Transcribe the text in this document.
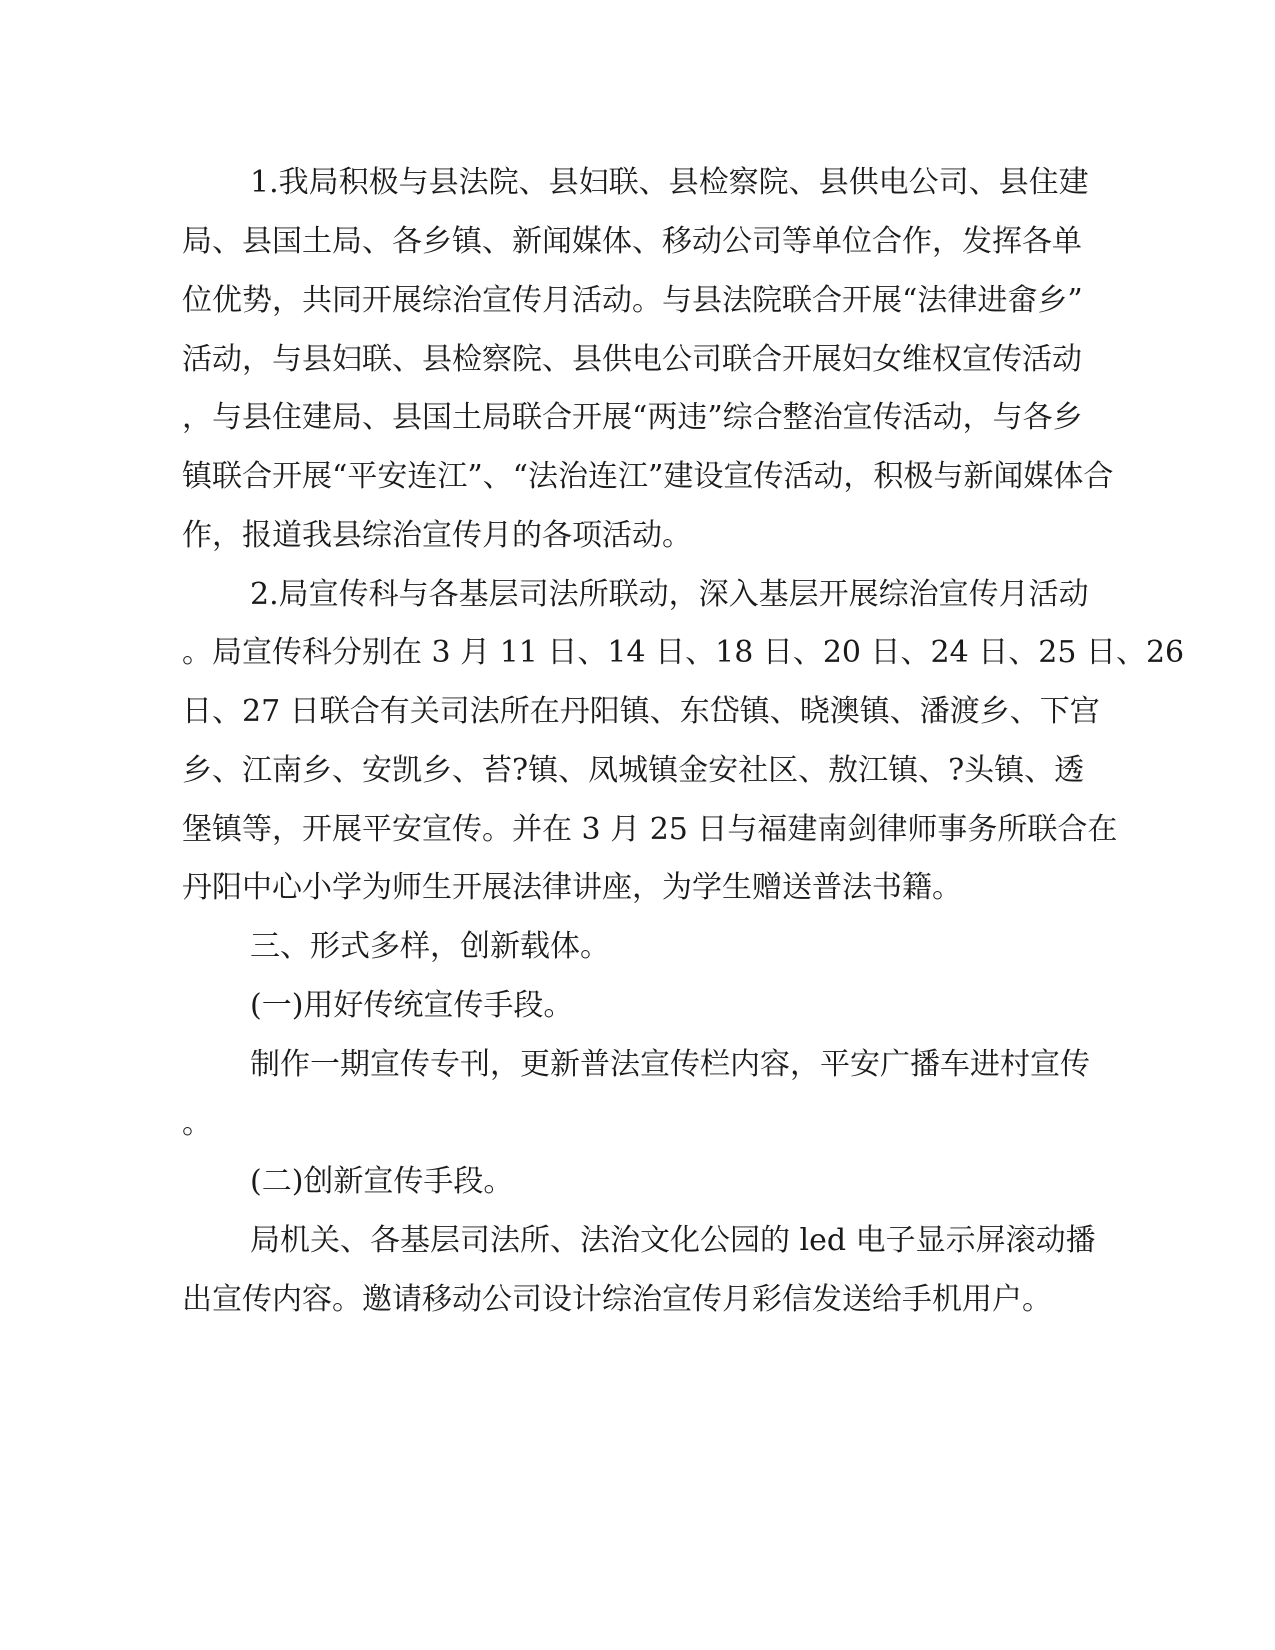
1.我局积极与县法院、县妇联、县检察院、县供电公司、县住建

局、县国土局、各乡镇、新闻媒体、移动公司等单位合作，发挥各单

位优势，共同开展综治宣传月活动。与县法院联合开展“法律进畲乡”

活动，与县妇联、县检察院、县供电公司联合开展妇女维权宣传活动

，与县住建局、县国土局联合开展“两违”综合整治宣传活动，与各乡

镇联合开展“平安连江”、“法治连江”建设宣传活动，积极与新闻媒体合

作，报道我县综治宣传月的各项活动。

2.局宣传科与各基层司法所联动，深入基层开展综治宣传月活动

。局宣传科分别在 3 月 11 日、14 日、18 日、20 日、24 日、25 日、26

日、27 日联合有关司法所在丹阳镇、东岱镇、晓澳镇、潘渡乡、下宫

乡、江南乡、安凯乡、苔?镇、凤城镇金安社区、敖江镇、?头镇、透

堡镇等，开展平安宣传。并在 3 月 25 日与福建南剑律师事务所联合在

丹阳中心小学为师生开展法律讲座，为学生赠送普法书籍。

三、形式多样，创新载体。

(一)用好传统宣传手段。

制作一期宣传专刊，更新普法宣传栏内容，平安广播车进村宣传

。

(二)创新宣传手段。

局机关、各基层司法所、法治文化公园的 led 电子显示屏滚动播

出宣传内容。邀请移动公司设计综治宣传月彩信发送给手机用户。
